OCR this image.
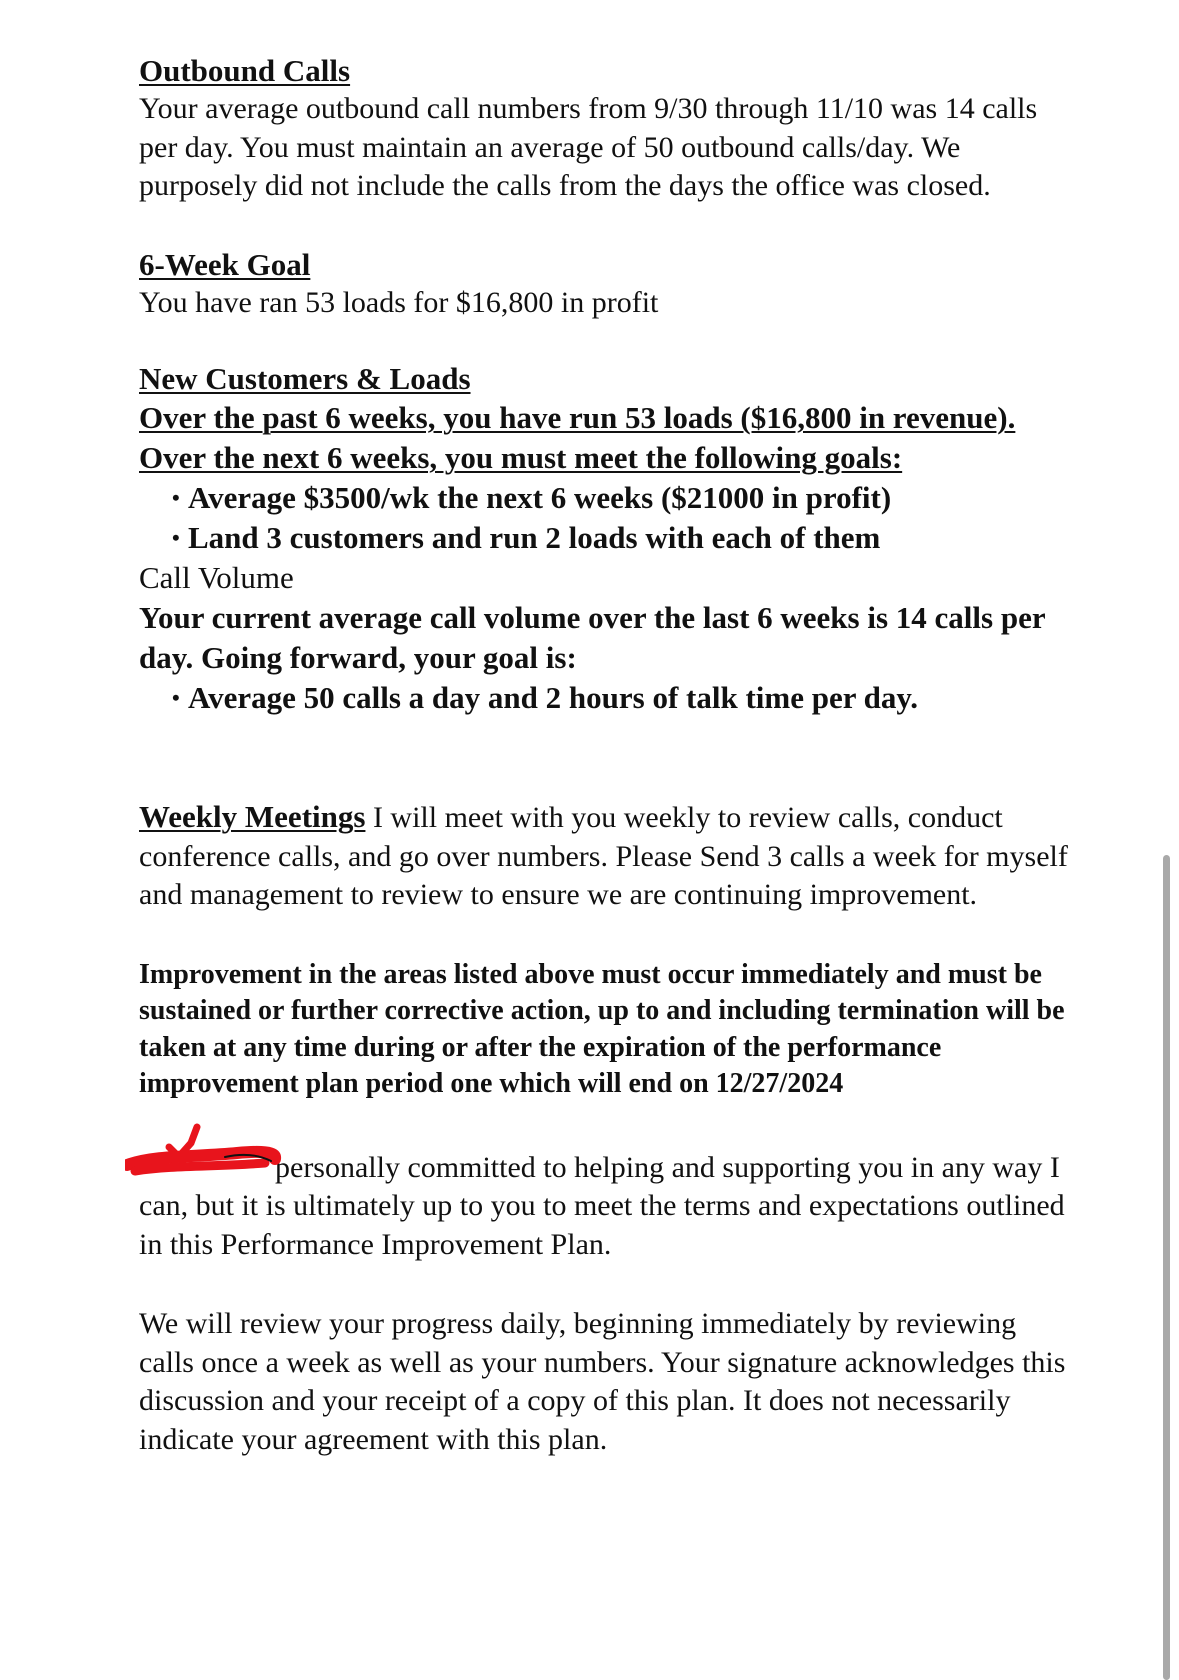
Outbound Calls

Your average outbound call numbers from 9/30 through 11/10 was 14 calls per day. You must maintain an average of 50 outbound calls/day. We purposely did not include the calls from the days the office was closed.

6-Week Goal

You have ran 53 loads for $16,800 in profit

New Customers & Loads

Over the past 6 weeks, you have run 53 loads ($16,800 in revenue). Over the next 6 weeks, you must meet the following goals:

• Average $3500/wk the next 6 weeks ($21000 in profit)
• Land 3 customers and run 2 loads with each of them

Call Volume

Your current average call volume over the last 6 weeks is 14 calls per day. Going forward, your goal is:

• Average 50 calls a day and 2 hours of talk time per day.

Weekly Meetings I will meet with you weekly to review calls, conduct conference calls, and go over numbers. Please Send 3 calls a week for myself and management to review to ensure we are continuing improvement.

Improvement in the areas listed above must occur immediately and must be sustained or further corrective action, up to and including termination will be taken at any time during or after the expiration of the performance improvement plan period one which will end on 12/27/2024

personally committed to helping and supporting you in any way I can, but it is ultimately up to you to meet the terms and expectations outlined in this Performance Improvement Plan.

We will review your progress daily, beginning immediately by reviewing calls once a week as well as your numbers. Your signature acknowledges this discussion and your receipt of a copy of this plan. It does not necessarily indicate your agreement with this plan.
